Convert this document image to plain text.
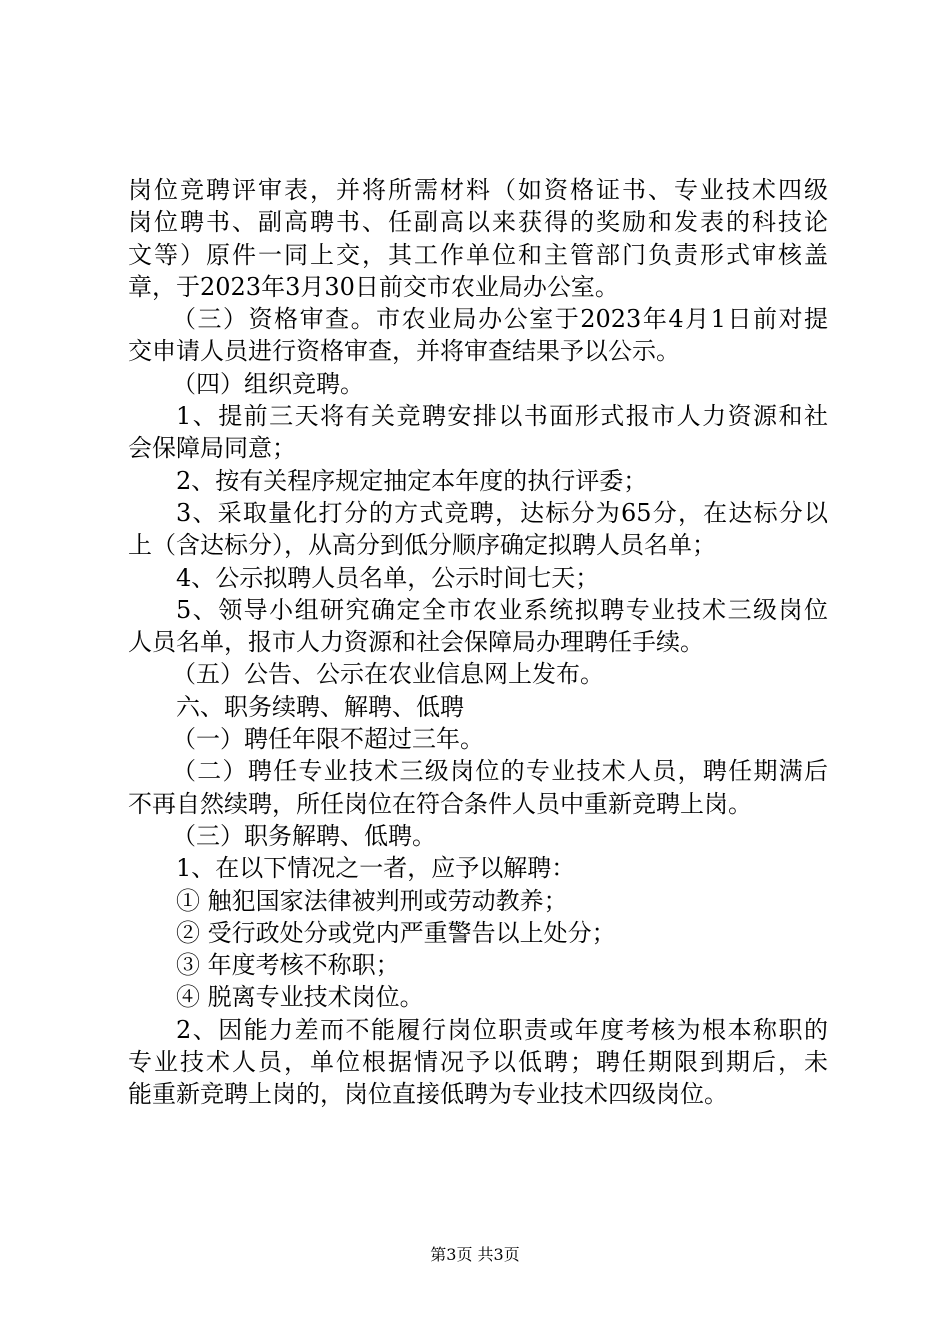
岗位竞聘评审表，并将所需材料（如资格证书、专业技术四级
岗位聘书、副高聘书、任副高以来获得的奖励和发表的科技论
文等）原件一同上交，其工作单位和主管部门负责形式审核盖
章，于2023年3月30日前交市农业局办公室。
（三）资格审查。市农业局办公室于2023年4月1日前对提
交申请人员进行资格审查，并将审查结果予以公示。
（四）组织竞聘。
1、提前三天将有关竞聘安排以书面形式报市人力资源和社
会保障局同意；
2、按有关程序规定抽定本年度的执行评委；
3、采取量化打分的方式竞聘，达标分为65分，在达标分以
上（含达标分），从高分到低分顺序确定拟聘人员名单；
4、公示拟聘人员名单，公示时间七天；
5、领导小组研究确定全市农业系统拟聘专业技术三级岗位
人员名单，报市人力资源和社会保障局办理聘任手续。
（五）公告、公示在农业信息网上发布。
六、职务续聘、解聘、低聘
（一）聘任年限不超过三年。
（二）聘任专业技术三级岗位的专业技术人员，聘任期满后
不再自然续聘，所任岗位在符合条件人员中重新竞聘上岗。
（三）职务解聘、低聘。
1、在以下情况之一者，应予以解聘：
① 触犯国家法律被判刑或劳动教养；
② 受行政处分或党内严重警告以上处分；
③ 年度考核不称职；
④ 脱离专业技术岗位。
2、因能力差而不能履行岗位职责或年度考核为根本称职的
专业技术人员，单位根据情况予以低聘；聘任期限到期后，未
能重新竞聘上岗的，岗位直接低聘为专业技术四级岗位。
第3页 共3页
